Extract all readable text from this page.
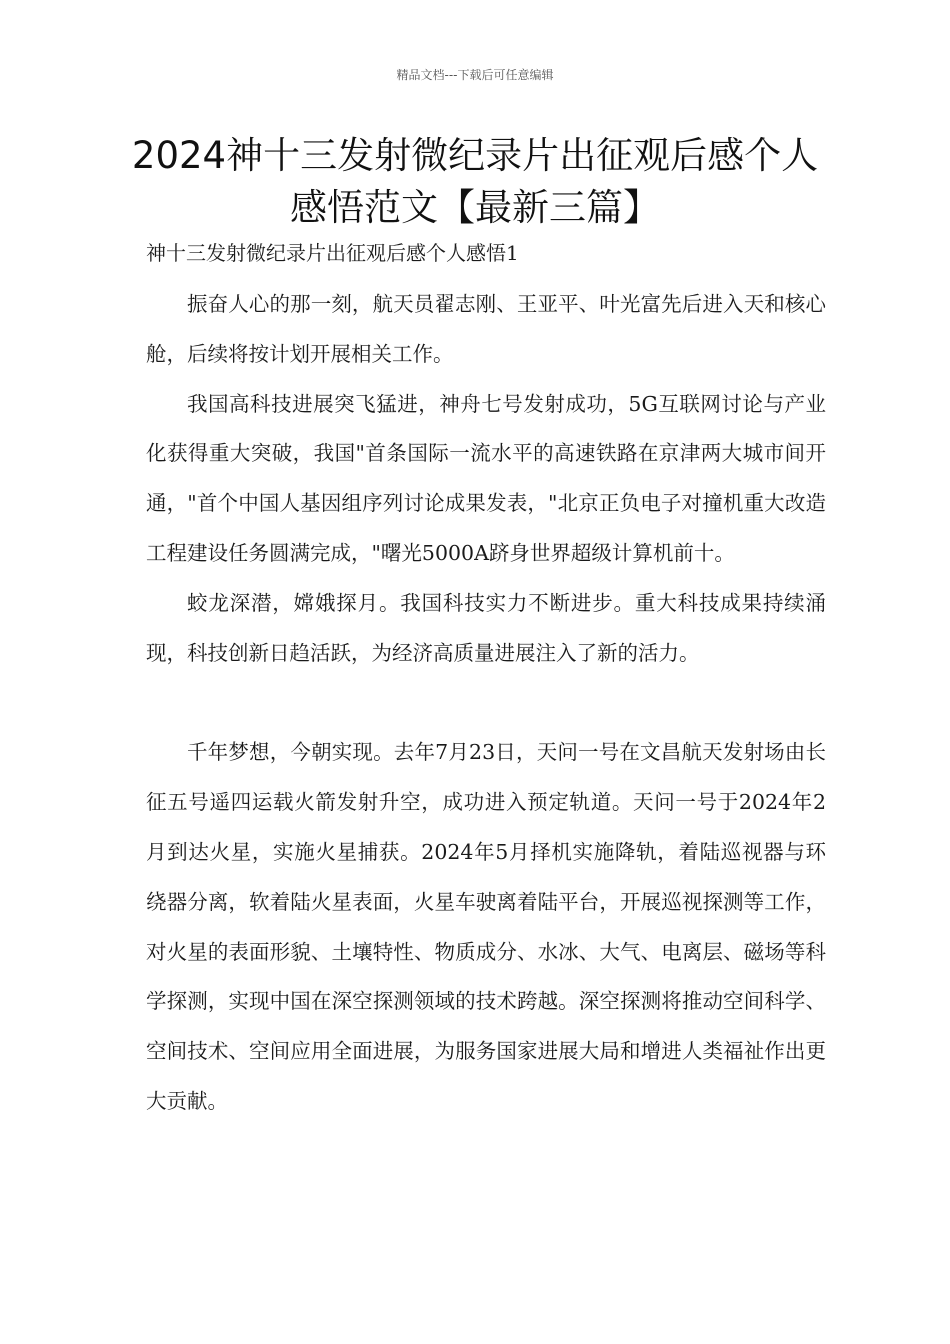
精品文档---下载后可任意编辑
2024神十三发射微纪录片出征观后感个人感悟范文【最新三篇】

神十三发射微纪录片出征观后感个人感悟1

振奋人心的那一刻，航天员翟志刚、王亚平、叶光富先后进入天和核心舱，后续将按计划开展相关工作。

我国高科技进展突飞猛进，神舟七号发射成功，5G互联网讨论与产业化获得重大突破，我国"首条国际一流水平的高速铁路在京津两大城市间开通，"首个中国人基因组序列讨论成果发表，"北京正负电子对撞机重大改造工程建设任务圆满完成，"曙光5000A跻身世界超级计算机前十。

蛟龙深潜，嫦娥探月。我国科技实力不断进步。重大科技成果持续涌现，科技创新日趋活跃，为经济高质量进展注入了新的活力。

千年梦想，今朝实现。去年7月23日，天问一号在文昌航天发射场由长征五号遥四运载火箭发射升空，成功进入预定轨道。天问一号于2024年2月到达火星，实施火星捕获。2024年5月择机实施降轨，着陆巡视器与环绕器分离，软着陆火星表面，火星车驶离着陆平台，开展巡视探测等工作，对火星的表面形貌、土壤特性、物质成分、水冰、大气、电离层、磁场等科学探测，实现中国在深空探测领域的技术跨越。深空探测将推动空间科学、空间技术、空间应用全面进展，为服务国家进展大局和增进人类福祉作出更大贡献。
